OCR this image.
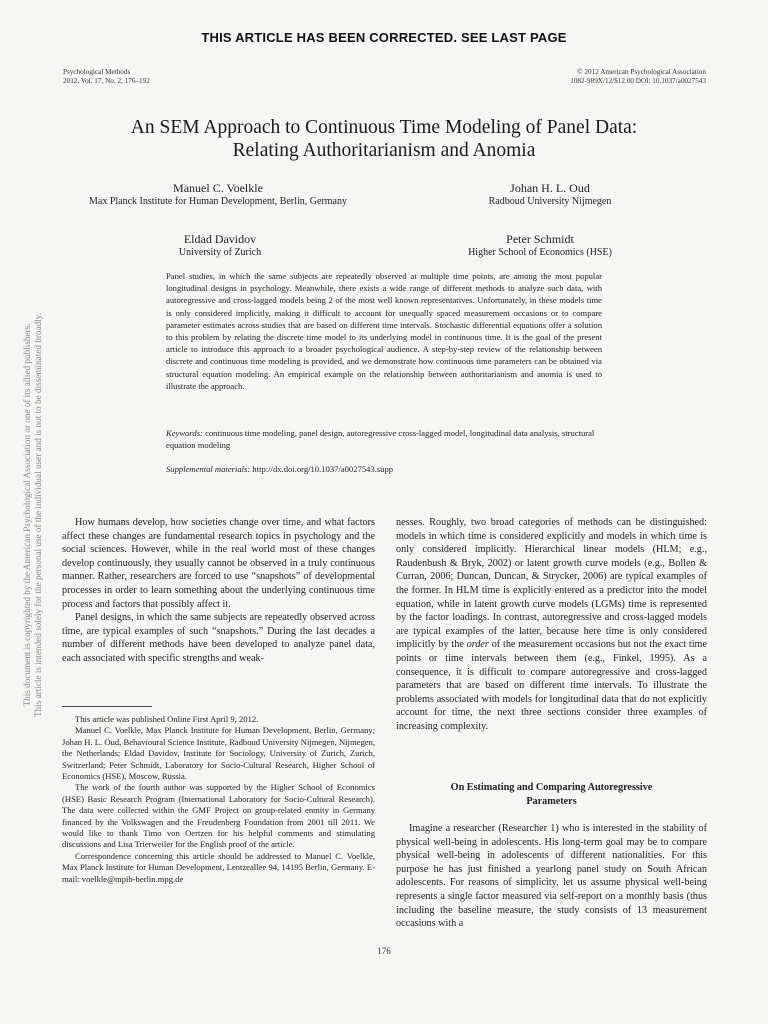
THIS ARTICLE HAS BEEN CORRECTED. SEE LAST PAGE
Psychological Methods
2012, Vol. 17, No. 2, 176–192
© 2012 American Psychological Association
1082-989X/12/$12.00 DOI: 10.1037/a0027543
An SEM Approach to Continuous Time Modeling of Panel Data:
Relating Authoritarianism and Anomia
Manuel C. Voelkle
Max Planck Institute for Human Development, Berlin, Germany
Johan H. L. Oud
Radboud University Nijmegen
Eldad Davidov
University of Zurich
Peter Schmidt
Higher School of Economics (HSE)
Panel studies, in which the same subjects are repeatedly observed at multiple time points, are among the most popular longitudinal designs in psychology. Meanwhile, there exists a wide range of different methods to analyze such data, with autoregressive and cross-lagged models being 2 of the most well known representatives. Unfortunately, in these models time is only considered implicitly, making it difficult to account for unequally spaced measurement occasions or to compare parameter estimates across studies that are based on different time intervals. Stochastic differential equations offer a solution to this problem by relating the discrete time model to its underlying model in continuous time. It is the goal of the present article to introduce this approach to a broader psychological audience. A step-by-step review of the relationship between discrete and continuous time modeling is provided, and we demonstrate how continuous time parameters can be obtained via structural equation modeling. An empirical example on the relationship between authoritarianism and anomia is used to illustrate the approach.
Keywords: continuous time modeling, panel design, autoregressive cross-lagged model, longitudinal data analysis, structural equation modeling
Supplemental materials: http://dx.doi.org/10.1037/a0027543.supp

How humans develop, how societies change over time, and what factors affect these changes are fundamental research topics in psychology and the social sciences. However, while in the real world most of these changes develop continuously, they usually cannot be observed in a truly continuous manner. Rather, researchers are forced to use “snapshots” of developmental processes in order to learn something about the underlying continuous time process and factors that possibly affect it.

Panel designs, in which the same subjects are repeatedly observed across time, are typical examples of such “snapshots.” During the last decades a number of different methods have been developed to analyze panel data, each associated with specific strengths and weak-

This article was published Online First April 9, 2012.

Manuel C. Voelkle, Max Planck Institute for Human Development, Berlin, Germany; Johan H. L. Oud, Behavioural Science Institute, Radboud University Nijmegen, Nijmegen, the Netherlands; Eldad Davidov, Institute for Sociology, University of Zurich, Zurich, Switzerland; Peter Schmidt, Laboratory for Socio-Cultural Research, Higher School of Economics (HSE), Moscow, Russia.

The work of the fourth author was supported by the Higher School of Economics (HSE) Basic Research Program (International Laboratory for Socio-Cultural Research). The data were collected within the GMF Project on group-related enmity in Germany financed by the Volkswagen and the Freudenberg Foundation from 2001 till 2011. We would like to thank Timo von Oertzen for his helpful comments and stimulating discussions and Lisa Trierweiler for the English proof of the article.

Correspondence concerning this article should be addressed to Manuel C. Voelkle, Max Planck Institute for Human Development, Lentzeallee 94, 14195 Berlin, Germany. E-mail: voelkle@mpib-berlin.mpg.de

nesses. Roughly, two broad categories of methods can be distinguished: models in which time is considered explicitly and models in which time is only considered implicitly. Hierarchical linear models (HLM; e.g., Raudenbush & Bryk, 2002) or latent growth curve models (e.g., Bollen & Curran, 2006; Duncan, Duncan, & Strycker, 2006) are typical examples of the former. In HLM time is explicitly entered as a predictor into the model equation, while in latent growth curve models (LGMs) time is represented by the factor loadings. In contrast, autoregressive and cross-lagged models are typical examples of the latter, because here time is only considered implicitly by the order of the measurement occasions but not the exact time points or time intervals between them (e.g., Finkel, 1995). As a consequence, it is difficult to compare autoregressive and cross-lagged parameters that are based on different time intervals. To illustrate the problems associated with models for longitudinal data that do not explicitly account for time, the next three sections consider three examples of increasing complexity.

On Estimating and Comparing Autoregressive
Parameters

Imagine a researcher (Researcher 1) who is interested in the stability of physical well-being in adolescents. His long-term goal may be to compare physical well-being in adolescents of different nationalities. For this purpose he has just finished a yearlong panel study on South African adolescents. For reasons of simplicity, let us assume physical well-being represents a single factor measured via self-report on a monthly basis (thus including the baseline measure, the study consists of 13 measurement occasions with a

176
This document is copyrighted by the American Psychological Association or one of its allied publishers. This article is intended solely for the personal use of the individual user and is not to be disseminated broadly.
